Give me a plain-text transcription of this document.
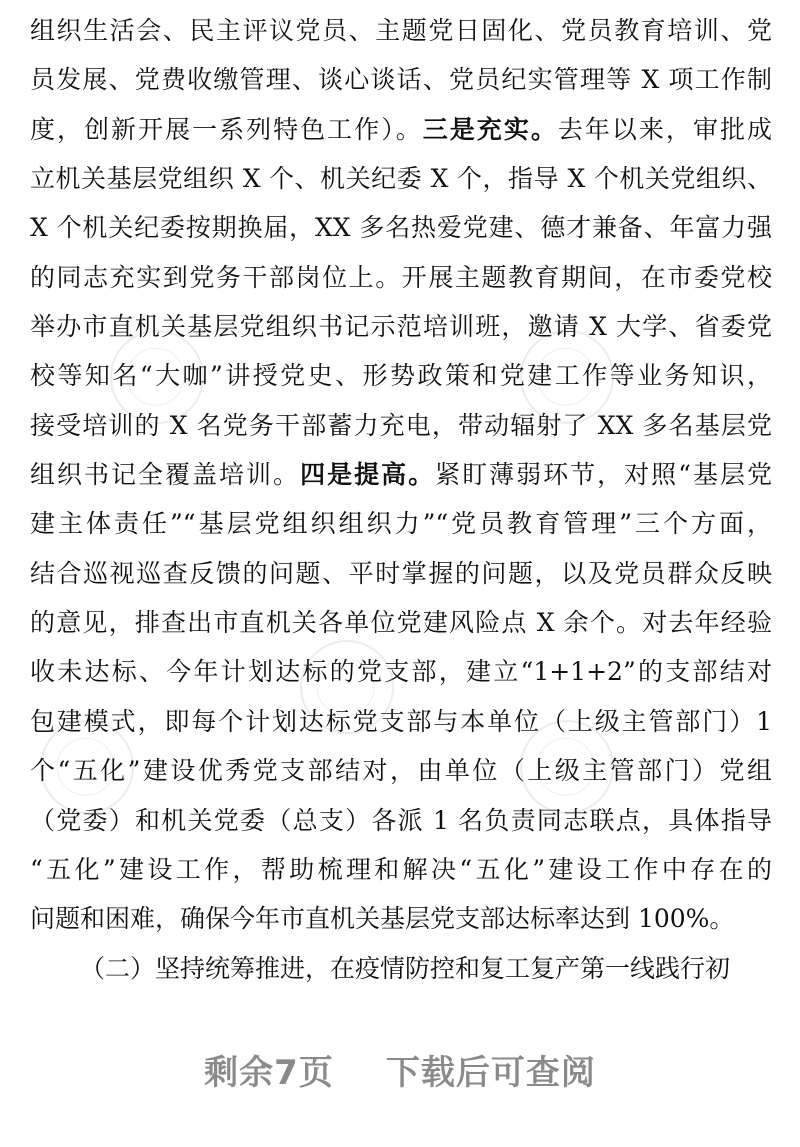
组织生活会、民主评议党员、主题党日固化、党员教育培训、党
员发展、党费收缴管理、谈心谈话、党员纪实管理等 X 项工作制
度，创新开展一系列特色工作）。三是充实。去年以来，审批成
立机关基层党组织 X 个、机关纪委 X 个，指导 X 个机关党组织、
X 个机关纪委按期换届，XX 多名热爱党建、德才兼备、年富力强
的同志充实到党务干部岗位上。开展主题教育期间，在市委党校
举办市直机关基层党组织书记示范培训班，邀请 X 大学、省委党
校等知名“大咖”讲授党史、形势政策和党建工作等业务知识，
接受培训的 X 名党务干部蓄力充电，带动辐射了 XX 多名基层党
组织书记全覆盖培训。四是提高。紧盯薄弱环节，对照“基层党
建主体责任”“基层党组织组织力”“党员教育管理”三个方面，
结合巡视巡查反馈的问题、平时掌握的问题，以及党员群众反映
的意见，排查出市直机关各单位党建风险点 X 余个。对去年经验
收未达标、今年计划达标的党支部，建立“1+1+2”的支部结对
包建模式，即每个计划达标党支部与本单位（上级主管部门）1
个“五化”建设优秀党支部结对，由单位（上级主管部门）党组
（党委）和机关党委（总支）各派 1 名负责同志联点，具体指导
“五化”建设工作，帮助梳理和解决“五化”建设工作中存在的
问题和困难，确保今年市直机关基层党支部达标率达到 100%。
（二）坚持统筹推进，在疫情防控和复工复产第一线践行初
剩余7页 下载后可查阅
